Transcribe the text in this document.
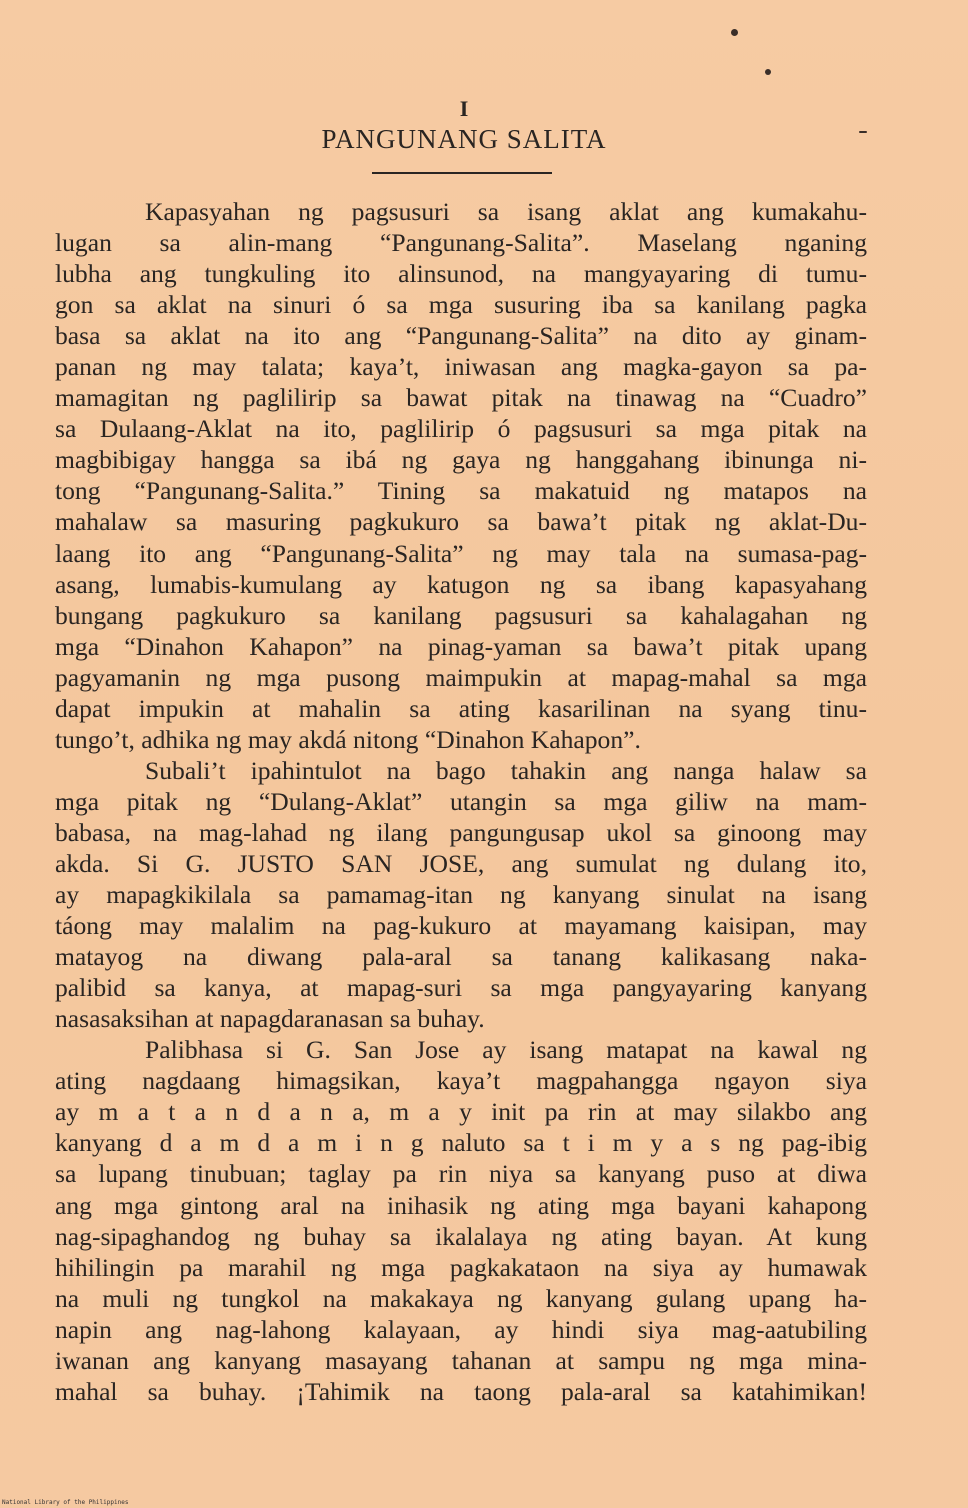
I
PANGUNANG SALITA

Kapasyahan ng pagsusuri sa isang aklat ang kumakahu-
lugan sa alin-mang “Pangunang-Salita”. Maselang nganing
lubha ang tungkuling ito alinsunod, na mangyayaring di tumu-
gon sa aklat na sinuri ó sa mga susuring iba sa kanilang pagka
basa sa aklat na ito ang “Pangunang-Salita” na dito ay ginam-
panan ng may talata; kaya’t, iniwasan ang magka-gayon sa pa-
mamagitan ng paglilirip sa bawat pitak na tinawag na “Cuadro”
sa Dulaang-Aklat na ito, paglilirip ó pagsusuri sa mga pitak na
magbibigay hangga sa ibá ng gaya ng hanggahang ibinunga ni-
tong “Pangunang-Salita.” Tining sa makatuid ng matapos na
mahalaw sa masuring pagkukuro sa bawa’t pitak ng aklat-Du-
laang ito ang “Pangunang-Salita” ng may tala na sumasa-pag-
asang, lumabis-kumulang ay katugon ng sa ibang kapasyahang
bungang pagkukuro sa kanilang pagsusuri sa kahalagahan ng
mga “Dinahon Kahapon” na pinag-yaman sa bawa’t pitak upang
pagyamanin ng mga pusong maimpukin at mapag-mahal sa mga
dapat impukin at mahalin sa ating kasarilinan na syang tinu-
tungo’t, adhika ng may akdá nitong “Dinahon Kahapon”.

Subali’t ipahintulot na bago tahakin ang nanga halaw sa
mga pitak ng “Dulang-Aklat” utangin sa mga giliw na mam-
babasa, na mag-lahad ng ilang pangungusap ukol sa ginoong may
akda. Si G. JUSTO SAN JOSE, ang sumulat ng dulang ito,
ay mapagkikilala sa pamamag-itan ng kanyang sinulat na isang
táong may malalim na pag-kukuro at mayamang kaisipan, may
matayog na diwang pala-aral sa tanang kalikasang naka-
palibid sa kanya, at mapag-suri sa mga pangyayaring kanyang
nasasaksihan at napagdaranasan sa buhay.

Palibhasa si G. San Jose ay isang matapat na kawal ng
ating nagdaang himagsikan, kaya’t magpahangga ngayon siya
ay m a t a n d a n a, m a y init pa rin at may silakbo ang
kanyang d a m d a m i n g naluto sa t i m y a s ng pag-ibig
sa lupang tinubuan; taglay pa rin niya sa kanyang puso at diwa
ang mga gintong aral na inihasik ng ating mga bayani kahapong
nag-sipaghandog ng buhay sa ikalalaya ng ating bayan. At kung
hihilingin pa marahil ng mga pagkakataon na siya ay humawak
na muli ng tungkol na makakaya ng kanyang gulang upang ha-
napin ang nag-lahong kalayaan, ay hindi siya mag-aatubiling
iwanan ang kanyang masayang tahanan at sampu ng mga mina-
mahal sa buhay. ¡Tahimik na taong pala-aral sa katahimikan!

National Library of the Philippines
